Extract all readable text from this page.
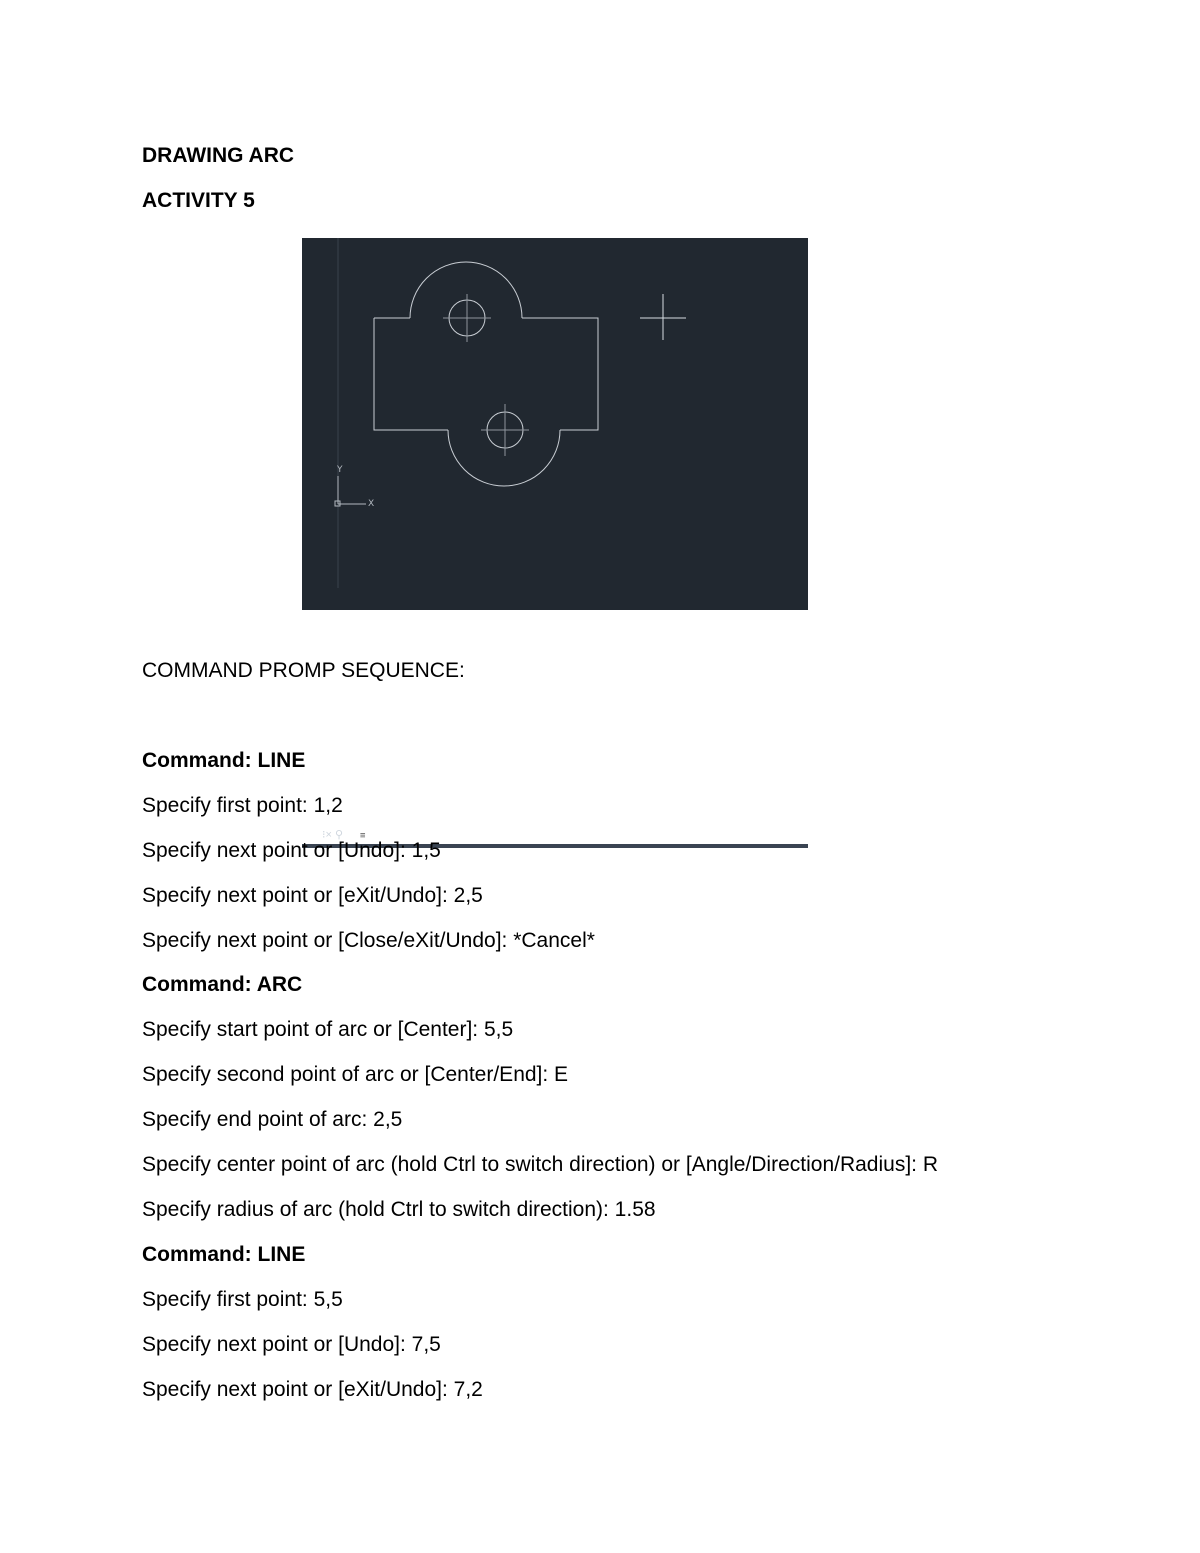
DRAWING ARC
ACTIVITY 5
Y
X
⁝× ⚲
≡
COMMAND PROMP SEQUENCE:
Command: LINE
Specify first point: 1,2
Specify next point or [Undo]: 1,5
Specify next point or [eXit/Undo]: 2,5
Specify next point or [Close/eXit/Undo]: *Cancel*
Command: ARC
Specify start point of arc or [Center]: 5,5
Specify second point of arc or [Center/End]: E
Specify end point of arc: 2,5
Specify center point of arc (hold Ctrl to switch direction) or [Angle/Direction/Radius]: R
Specify radius of arc (hold Ctrl to switch direction): 1.58
Command: LINE
Specify first point: 5,5
Specify next point or [Undo]: 7,5
Specify next point or [eXit/Undo]: 7,2
